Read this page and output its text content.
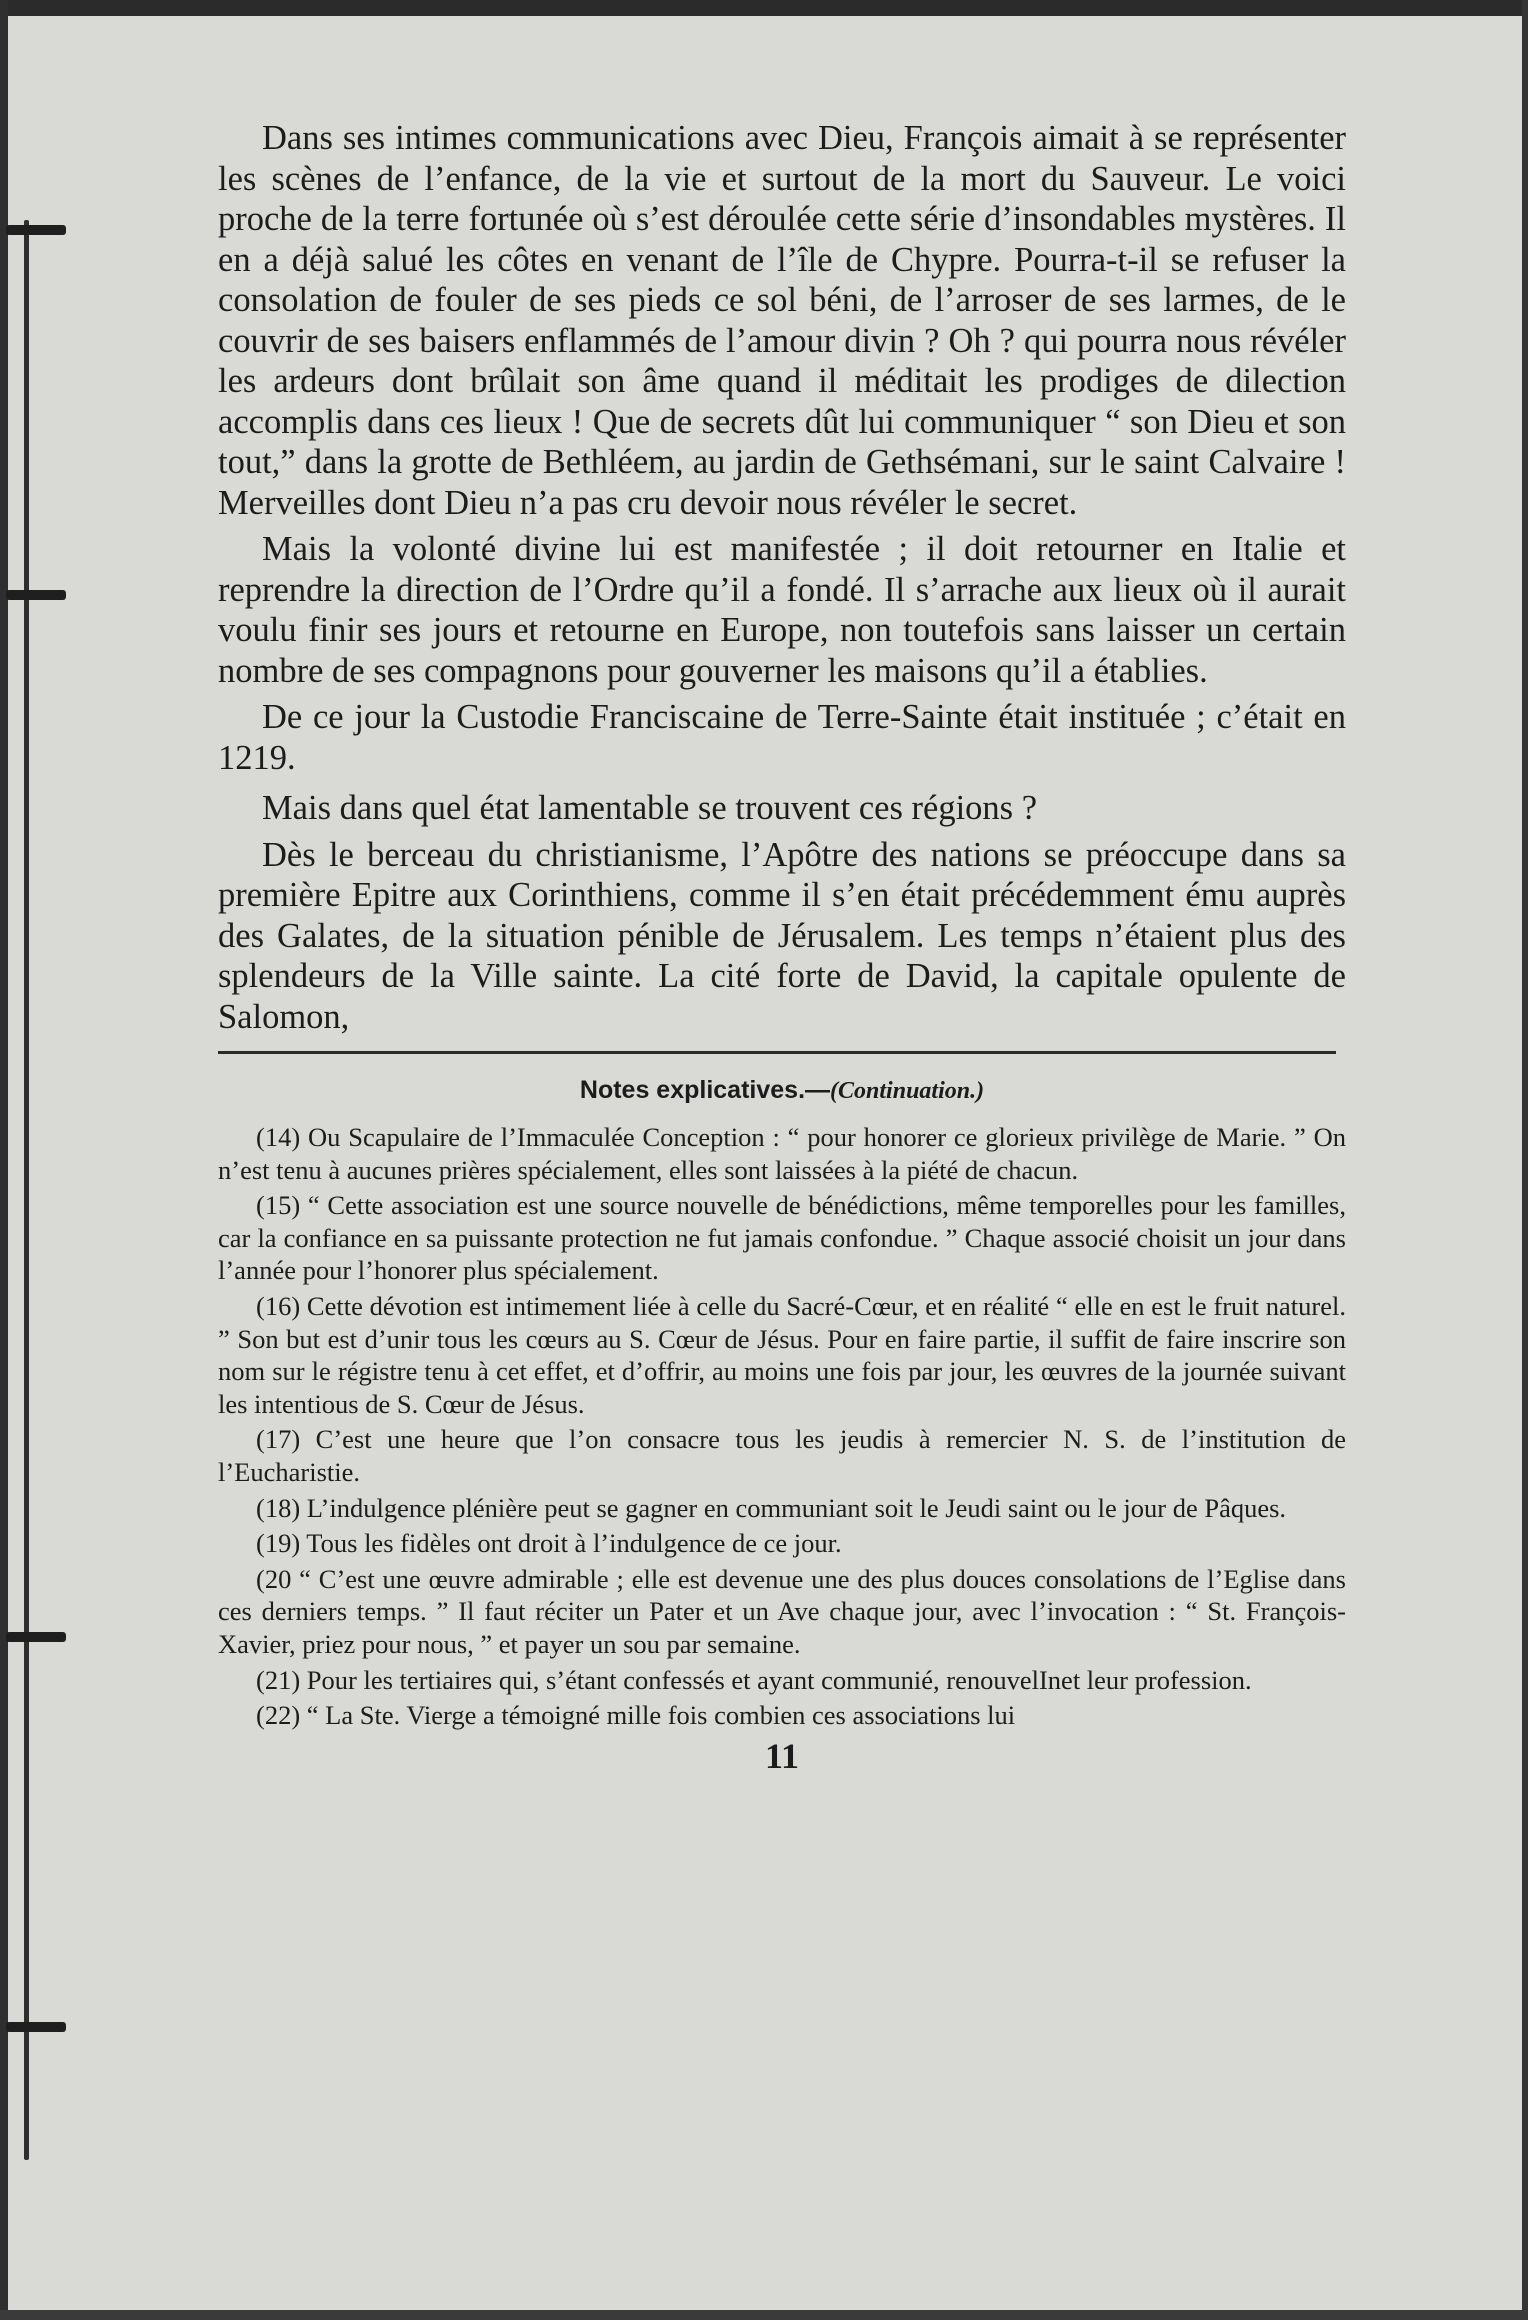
Dans ses intimes communications avec Dieu, François aimait à se représenter les scènes de l’enfance, de la vie et surtout de la mort du Sauveur. Le voici proche de la terre fortunée où s’est déroulée cette série d’insondables mystères. Il en a déjà salué les côtes en venant de l’île de Chypre. Pourra-t-il se refuser la consolation de fouler de ses pieds ce sol béni, de l’arroser de ses larmes, de le couvrir de ses baisers enflammés de l’amour divin ? Oh ? qui pourra nous révéler les ardeurs dont brûlait son âme quand il méditait les prodiges de dilection accomplis dans ces lieux ! Que de secrets dût lui communiquer “ son Dieu et son tout,” dans la grotte de Bethléem, au jardin de Gethsémani, sur le saint Calvaire ! Merveilles dont Dieu n’a pas cru devoir nous révéler le secret.

Mais la volonté divine lui est manifestée ; il doit retourner en Italie et reprendre la direction de l’Ordre qu’il a fondé. Il s’arrache aux lieux où il aurait voulu finir ses jours et retourne en Europe, non toutefois sans laisser un certain nombre de ses compagnons pour gouverner les maisons qu’il a établies.

De ce jour la Custodie Franciscaine de Terre-Sainte était instituée ; c’était en 1219.

Mais dans quel état lamentable se trouvent ces régions ?

Dès le berceau du christianisme, l’Apôtre des nations se préoccupe dans sa première Epitre aux Corinthiens, comme il s’en était précédemment ému auprès des Galates, de la situation pénible de Jérusalem. Les temps n’étaient plus des splendeurs de la Ville sainte. La cité forte de David, la capitale opulente de Salomon,

Notes explicatives.—(Continuation.)

(14) Ou Scapulaire de l’Immaculée Conception : “ pour honorer ce glorieux privilège de Marie. ” On n’est tenu à aucunes prières spécialement, elles sont laissées à la piété de chacun.

(15) “ Cette association est une source nouvelle de bénédictions, même temporelles pour les familles, car la confiance en sa puissante protection ne fut jamais confondue. ” Chaque associé choisit un jour dans l’année pour l’honorer plus spécialement.

(16) Cette dévotion est intimement liée à celle du Sacré-Cœur, et en réalité “ elle en est le fruit naturel. ” Son but est d’unir tous les cœurs au S. Cœur de Jésus. Pour en faire partie, il suffit de faire inscrire son nom sur le régistre tenu à cet effet, et d’offrir, au moins une fois par jour, les œuvres de la journée suivant les intentious de S. Cœur de Jésus.

(17) C’est une heure que l’on consacre tous les jeudis à remercier N. S. de l’institution de l’Eucharistie.

(18) L’indulgence plénière peut se gagner en communiant soit le Jeudi saint ou le jour de Pâques.

(19) Tous les fidèles ont droit à l’indulgence de ce jour.

(20 “ C’est une œuvre admirable ; elle est devenue une des plus douces consolations de l’Eglise dans ces derniers temps. ” Il faut réciter un Pater et un Ave chaque jour, avec l’invocation : “ St. François-Xavier, priez pour nous, ” et payer un sou par semaine.

(21) Pour les tertiaires qui, s’étant confessés et ayant communié, renouvelInet leur profession.

(22) “ La Ste. Vierge a témoigné mille fois combien ces associations lui

11
